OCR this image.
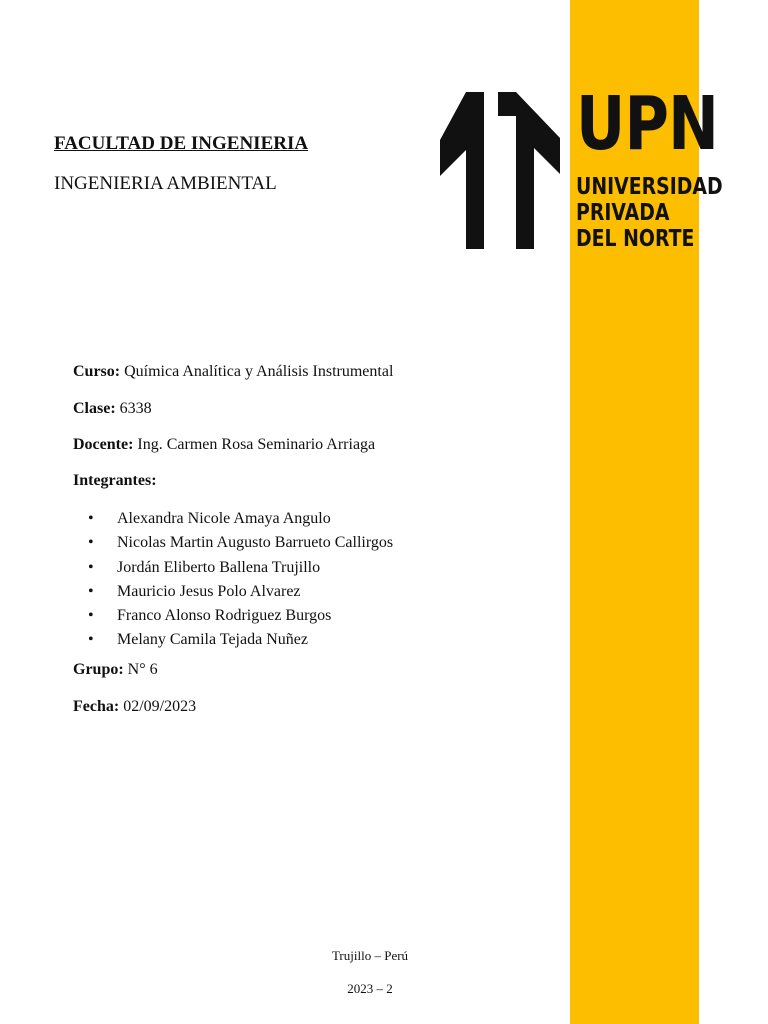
UPN
UNIVERSIDAD
PRIVADA
DEL NORTE
FACULTAD DE INGENIERIA
INGENIERIA AMBIENTAL
Curso: Química Analítica y Análisis Instrumental
Clase: 6338
Docente: Ing. Carmen Rosa Seminario Arriaga
Integrantes:
• Alexandra Nicole Amaya Angulo
• Nicolas Martin Augusto Barrueto Callirgos
• Jordán Eliberto Ballena Trujillo
• Mauricio Jesus Polo Alvarez
• Franco Alonso Rodriguez Burgos
• Melany Camila Tejada Nuñez
Grupo: N° 6
Fecha: 02/09/2023
Trujillo – Perú
2023 – 2
